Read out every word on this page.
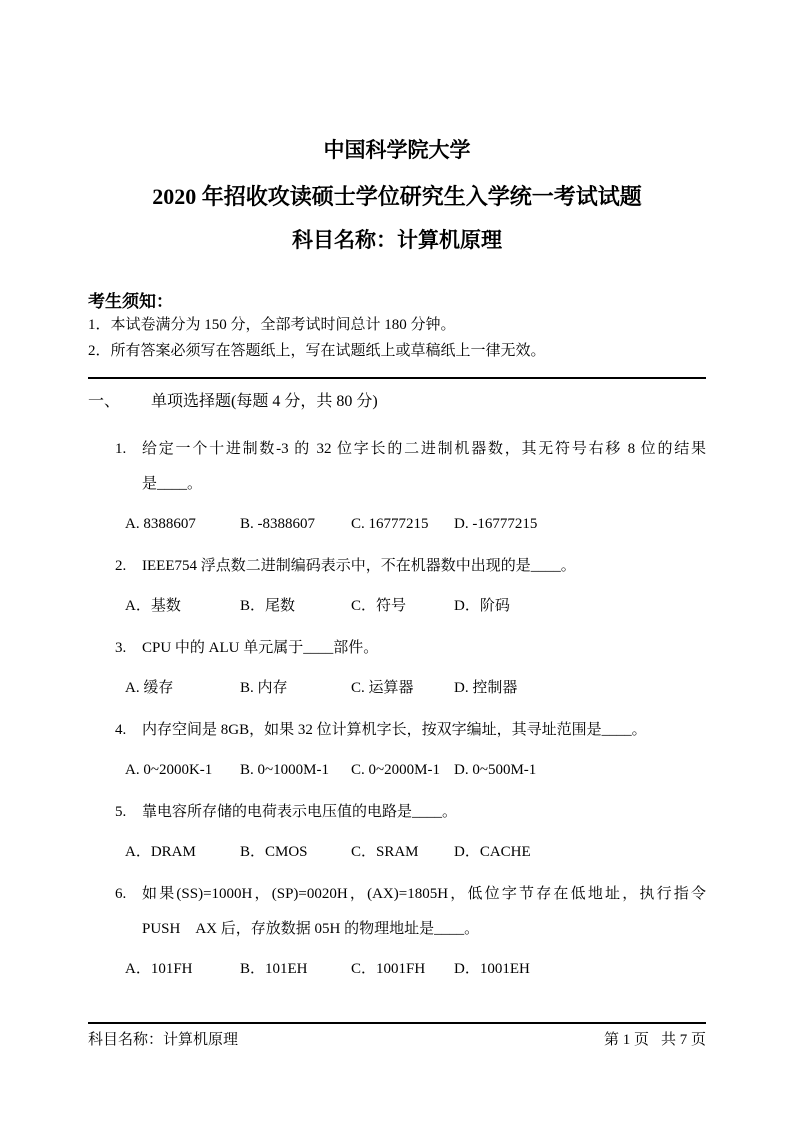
中国科学院大学
2020 年招收攻读硕士学位研究生入学统一考试试题
科目名称：计算机原理
考生须知：
1．本试卷满分为 150 分，全部考试时间总计 180 分钟。
2．所有答案必须写在答题纸上，写在试题纸上或草稿纸上一律无效。
一、 单项选择题(每题 4 分，共 80 分)
1. 给定一个十进制数-3 的 32 位字长的二进制机器数，其无符号右移 8 位的结果
是____。
A. 8388607	B. -8388607	C. 16777215	D. -16777215
2. IEEE754 浮点数二进制编码表示中，不在机器数中出现的是____。
A．基数	B．尾数	C．符号	D．阶码
3. CPU 中的 ALU 单元属于____部件。
A. 缓存	B. 内存	C. 运算器	D. 控制器
4. 内存空间是 8GB，如果 32 位计算机字长，按双字编址，其寻址范围是____。
A. 0~2000K-1	B. 0~1000M-1	C. 0~2000M-1 D. 0~500M-1
5. 靠电容所存储的电荷表示电压值的电路是____。
A．DRAM	B．CMOS	C．SRAM	D．CACHE
6. 如果(SS)=1000H，(SP)=0020H，(AX)=1805H，低位字节存在低地址，执行指令
PUSH　AX 后，存放数据 05H 的物理地址是____。
A．101FH	B．101EH	C．1001FH	D．1001EH
科目名称：计算机原理	第 1 页 共 7 页
